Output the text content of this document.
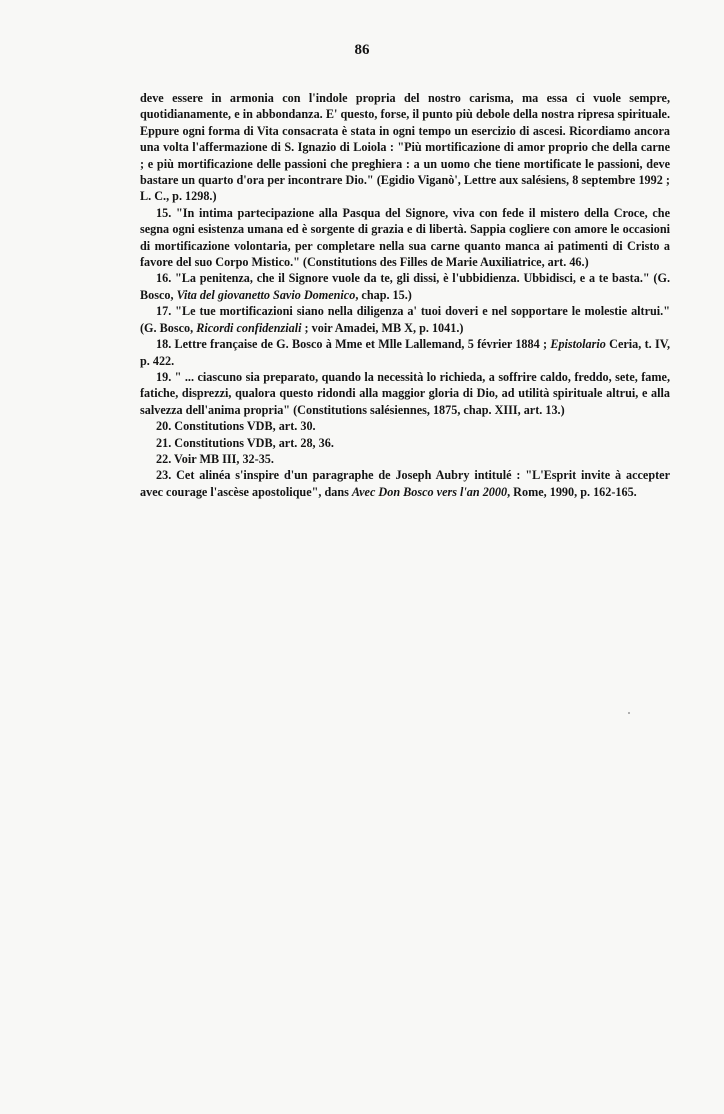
86

deve essere in armonia con l'indole propria del nostro carisma, ma essa ci vuole sempre, quotidianamente, e in abbondanza. E' questo, forse, il punto più debole della nostra ripresa spirituale. Eppure ogni forma di Vita consacrata è stata in ogni tempo un esercizio di ascesi. Ricordiamo ancora una volta l'affermazione di S. Ignazio di Loiola : "Più mortificazione di amor proprio che della carne ; e più mortificazione delle passioni che preghiera : a un uomo che tiene mortificate le passioni, deve bastare un quarto d'ora per incontrare Dio." (Egidio Viganò', Lettre aux salésiens, 8 septembre 1992 ; L. C., p. 1298.)

15. "In intima partecipazione alla Pasqua del Signore, viva con fede il mistero della Croce, che segna ogni esistenza umana ed è sorgente di grazia e di libertà. Sappia cogliere con amore le occasioni di mortificazione volontaria, per completare nella sua carne quanto manca ai patimenti di Cristo a favore del suo Corpo Mistico." (Constitutions des Filles de Marie Auxiliatrice, art. 46.)

16. "La penitenza, che il Signore vuole da te, gli dissi, è l'ubbidienza. Ubbidisci, e a te basta." (G. Bosco, Vita del giovanetto Savio Domenico, chap. 15.)

17. "Le tue mortificazioni siano nella diligenza a' tuoi doveri e nel sopportare le molestie altrui." (G. Bosco, Ricordi confidenziali ; voir Amadei, MB X, p. 1041.)

18. Lettre française de G. Bosco à Mme et Mlle Lallemand, 5 février 1884 ; Epistolario Ceria, t. IV, p. 422.

19. " ... ciascuno sia preparato, quando la necessità lo richieda, a soffrire caldo, freddo, sete, fame, fatiche, disprezzi, qualora questo ridondi alla maggior gloria di Dio, ad utilità spirituale altrui, e alla salvezza dell'anima propria" (Constitutions salésiennes, 1875, chap. XIII, art. 13.)

20. Constitutions VDB, art. 30.

21. Constitutions VDB, art. 28, 36.

22. Voir MB III, 32-35.

23. Cet alinéa s'inspire d'un paragraphe de Joseph Aubry intitulé : "L'Esprit invite à accepter avec courage l'ascèse apostolique", dans Avec Don Bosco vers l'an 2000, Rome, 1990, p. 162-165.
